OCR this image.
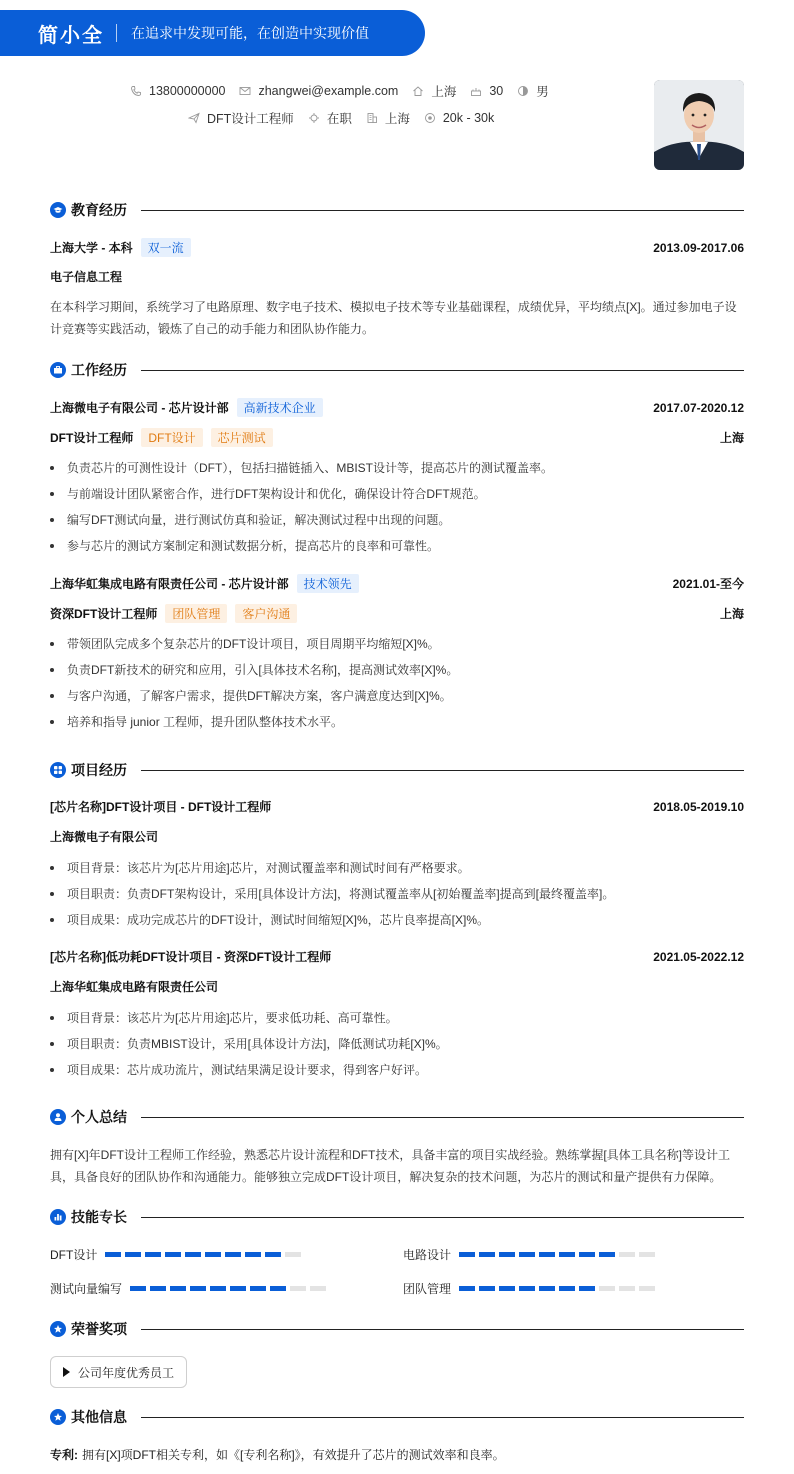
简小全 在追求中发现可能，在创造中实现价值
13800000000	zhangwei@example.com	上海	30	男
DFT设计工程师	在职	上海	20k - 30k
教育经历
上海大学 - 本科	双一流	2013.09-2017.06
电子信息工程
在本科学习期间，系统学习了电路原理、数字电子技术、模拟电子技术等专业基础课程，成绩优异，平均绩点[X]。通过参加电子设计竞赛等实践活动，锻炼了自己的动手能力和团队协作能力。
工作经历
上海微电子有限公司 - 芯片设计部	高新技术企业	2017.07-2020.12
DFT设计工程师	DFT设计	芯片测试	上海
负责芯片的可测性设计（DFT），包括扫描链插入、MBIST设计等，提高芯片的测试覆盖率。
与前端设计团队紧密合作，进行DFT架构设计和优化，确保设计符合DFT规范。
编写DFT测试向量，进行测试仿真和验证，解决测试过程中出现的问题。
参与芯片的测试方案制定和测试数据分析，提高芯片的良率和可靠性。
上海华虹集成电路有限责任公司 - 芯片设计部	技术领先	2021.01-至今
资深DFT设计工程师	团队管理	客户沟通	上海
带领团队完成多个复杂芯片的DFT设计项目，项目周期平均缩短[X]%。
负责DFT新技术的研究和应用，引入[具体技术名称]，提高测试效率[X]%。
与客户沟通，了解客户需求，提供DFT解决方案，客户满意度达到[X]%。
培养和指导 junior 工程师，提升团队整体技术水平。
项目经历
[芯片名称]DFT设计项目 - DFT设计工程师	2018.05-2019.10
上海微电子有限公司
项目背景：该芯片为[芯片用途]芯片，对测试覆盖率和测试时间有严格要求。
项目职责：负责DFT架构设计，采用[具体设计方法]，将测试覆盖率从[初始覆盖率]提高到[最终覆盖率]。
项目成果：成功完成芯片的DFT设计，测试时间缩短[X]%，芯片良率提高[X]%。
[芯片名称]低功耗DFT设计项目 - 资深DFT设计工程师	2021.05-2022.12
上海华虹集成电路有限责任公司
项目背景：该芯片为[芯片用途]芯片，要求低功耗、高可靠性。
项目职责：负责MBIST设计，采用[具体设计方法]，降低测试功耗[X]%。
项目成果：芯片成功流片，测试结果满足设计要求，得到客户好评。
个人总结
拥有[X]年DFT设计工程师工作经验，熟悉芯片设计流程和DFT技术，具备丰富的项目实战经验。熟练掌握[具体工具名称]等设计工具，具备良好的团队协作和沟通能力。能够独立完成DFT设计项目，解决复杂的技术问题，为芯片的测试和量产提供有力保障。
技能专长
DFT设计	电路设计
测试向量编写	团队管理
荣誉奖项
公司年度优秀员工
其他信息
专利: 拥有[X]项DFT相关专利，如《[专利名称]》，有效提升了芯片的测试效率和良率。
